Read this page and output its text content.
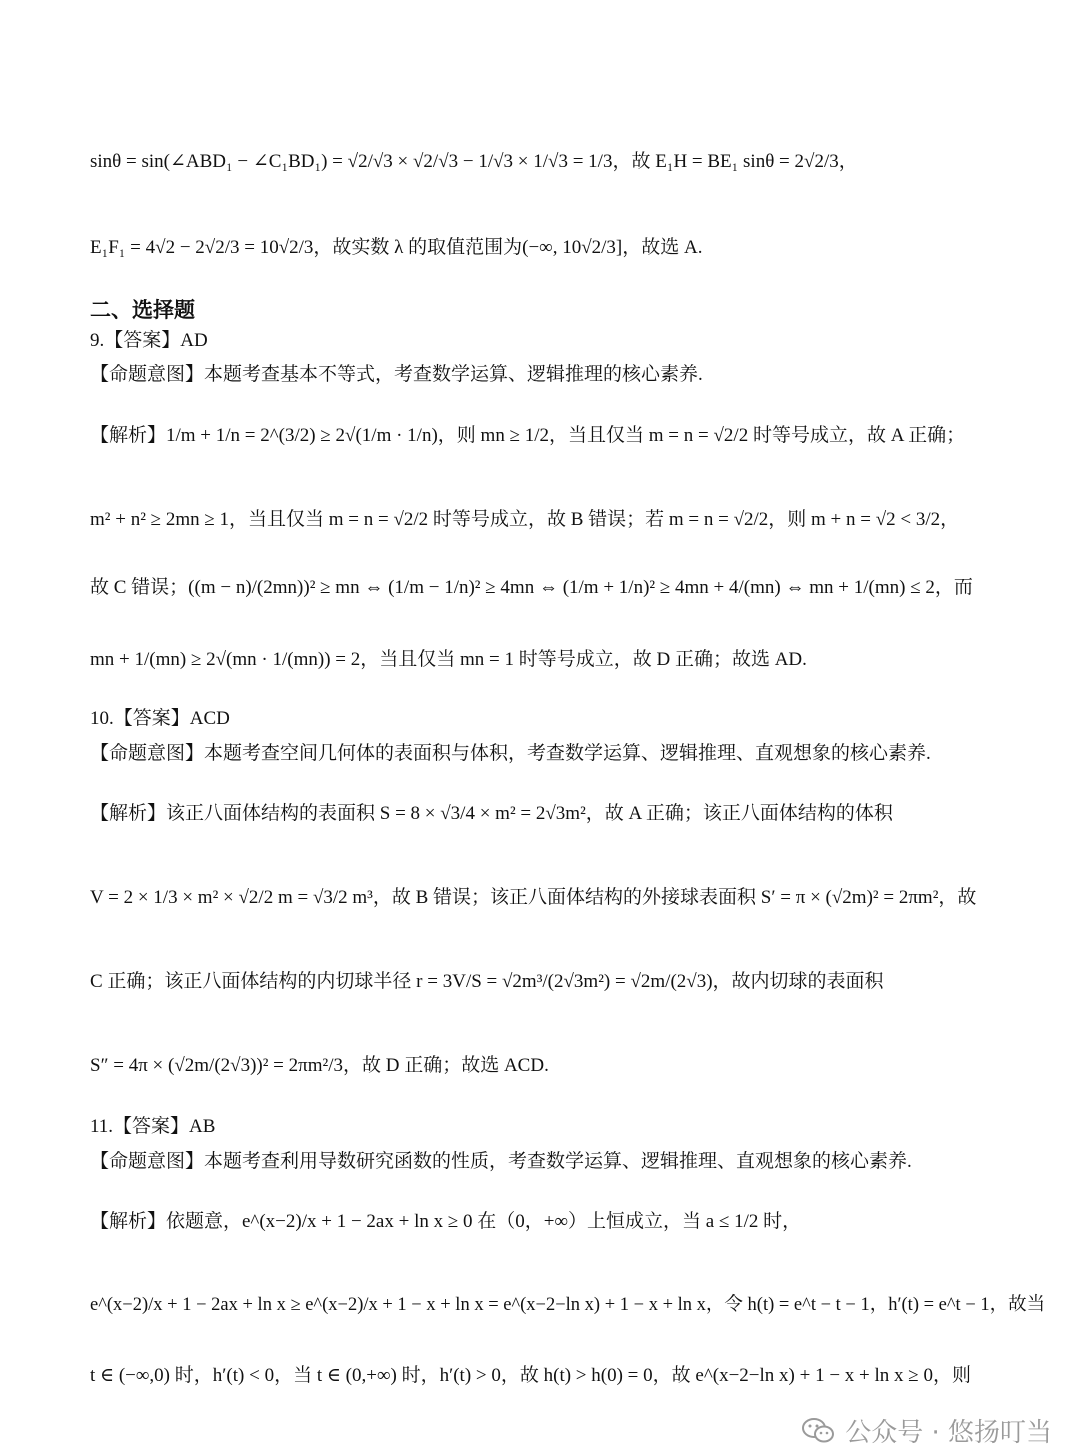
sinθ = sin(∠ABD₁ − ∠C₁BD₁) = √2/√3 × √2/√3 − 1/√3 × 1/√3 = 1/3，故 E₁H = BE₁ sinθ = 2√2/3，
E₁F₁ = 4√2 − 2√2/3 = 10√2/3，故实数 λ 的取值范围为(−∞, 10√2/3]，故选 A.
二、选择题
9.【答案】AD
【命题意图】本题考查基本不等式，考查数学运算、逻辑推理的核心素养.
【解析】1/m + 1/n = 2^(3/2) ≥ 2√(1/m · 1/n)，则 mn ≥ 1/2，当且仅当 m = n = √2/2 时等号成立，故 A 正确；
m² + n² ≥ 2mn ≥ 1，当且仅当 m = n = √2/2 时等号成立，故 B 错误；若 m = n = √2/2，则 m + n = √2 < 3/2，
故 C 错误；((m − n)/(2mn))² ≥ mn ⇔ (1/m − 1/n)² ≥ 4mn ⇔ (1/m + 1/n)² ≥ 4mn + 4/(mn) ⇔ mn + 1/(mn) ≤ 2，而
mn + 1/(mn) ≥ 2√(mn · 1/(mn)) = 2，当且仅当 mn = 1 时等号成立，故 D 正确；故选 AD.
10.【答案】ACD
【命题意图】本题考查空间几何体的表面积与体积，考查数学运算、逻辑推理、直观想象的核心素养.
【解析】该正八面体结构的表面积 S = 8 × √3/4 × m² = 2√3m²，故 A 正确；该正八面体结构的体积
V = 2 × 1/3 × m² × √2/2 m = √3/2 m³，故 B 错误；该正八面体结构的外接球表面积 S′ = π × (√2m)² = 2πm²，故
C 正确；该正八面体结构的内切球半径 r = 3V/S = √2m³/(2√3m²) = √2m/(2√3)，故内切球的表面积
S″ = 4π × (√2m/(2√3))² = 2πm²/3，故 D 正确；故选 ACD.
11.【答案】AB
【命题意图】本题考查利用导数研究函数的性质，考查数学运算、逻辑推理、直观想象的核心素养.
【解析】依题意，e^(x−2)/x + 1 − 2ax + ln x ≥ 0 在（0，+∞）上恒成立，当 a ≤ 1/2 时，
e^(x−2)/x + 1 − 2ax + ln x ≥ e^(x−2)/x + 1 − x + ln x = e^(x−2−ln x) + 1 − x + ln x，令 h(t) = e^t − t − 1，h′(t) = e^t − 1，故当
t ∈ (−∞,0) 时，h′(t) < 0，当 t ∈ (0,+∞) 时，h′(t) > 0，故 h(t) > h(0) = 0，故 e^(x−2−ln x) + 1 − x + ln x ≥ 0，则
公众号 · 悠扬叮当
